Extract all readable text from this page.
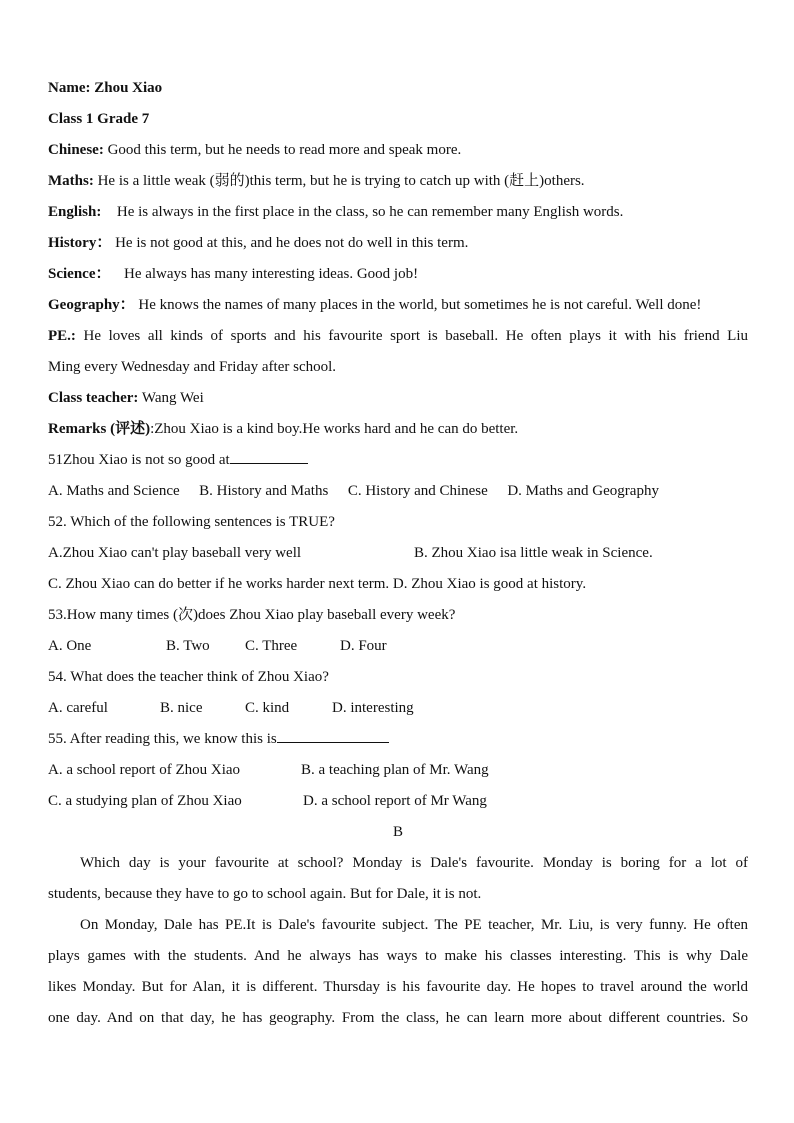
Name: Zhou Xiao
Class 1 Grade 7
Chinese: Good this term, but he needs to read more and speak more.
Maths: He is a little weak (弱的)this term, but he is trying to catch up with (赶上)others.
English: He is always in the first place in the class, so he can remember many English words.
History： He is not good at this, and he does not do well in this term.
Science： He always has many interesting ideas. Good job!
Geography： He knows the names of many places in the world, but sometimes he is not careful. Well done!
PE.: He loves all kinds of sports and his favourite sport is baseball. He often plays it with his friend Liu
Ming every Wednesday and Friday after school.
Class teacher: Wang Wei
Remarks (评述):Zhou Xiao is a kind boy.He works hard and he can do better.
51Zhou Xiao is not so good at
A. Maths and Science B. History and Maths C. History and Chinese D. Maths and Geography
52. Which of the following sentences is TRUE?
A.Zhou Xiao can't play baseball very well	B. Zhou Xiao isa little weak in Science.
C. Zhou Xiao can do better if he works harder next term. D. Zhou Xiao is good at history.
53.How many times (次)does Zhou Xiao play baseball every week?
A. One	B. Two C. Three	D. Four
54. What does the teacher think of Zhou Xiao?
A. careful	B. nice	C. kind	D. interesting
55. After reading this, we know this is
A. a school report of Zhou Xiao	B. a teaching plan of Mr. Wang
C. a studying plan of Zhou Xiao	D. a school report of Mr Wang
B
Which day is your favourite at school? Monday is Dale's favourite. Monday is boring for a lot of
students, because they have to go to school again. But for Dale, it is not.
On Monday, Dale has PE.It is Dale's favourite subject. The PE teacher, Mr. Liu, is very funny. He often
plays games with the students. And he always has ways to make his classes interesting. This is why Dale
likes Monday. But for Alan, it is different. Thursday is his favourite day. He hopes to travel around the world
one day. And on that day, he has geography. From the class, he can learn more about different countries. So
